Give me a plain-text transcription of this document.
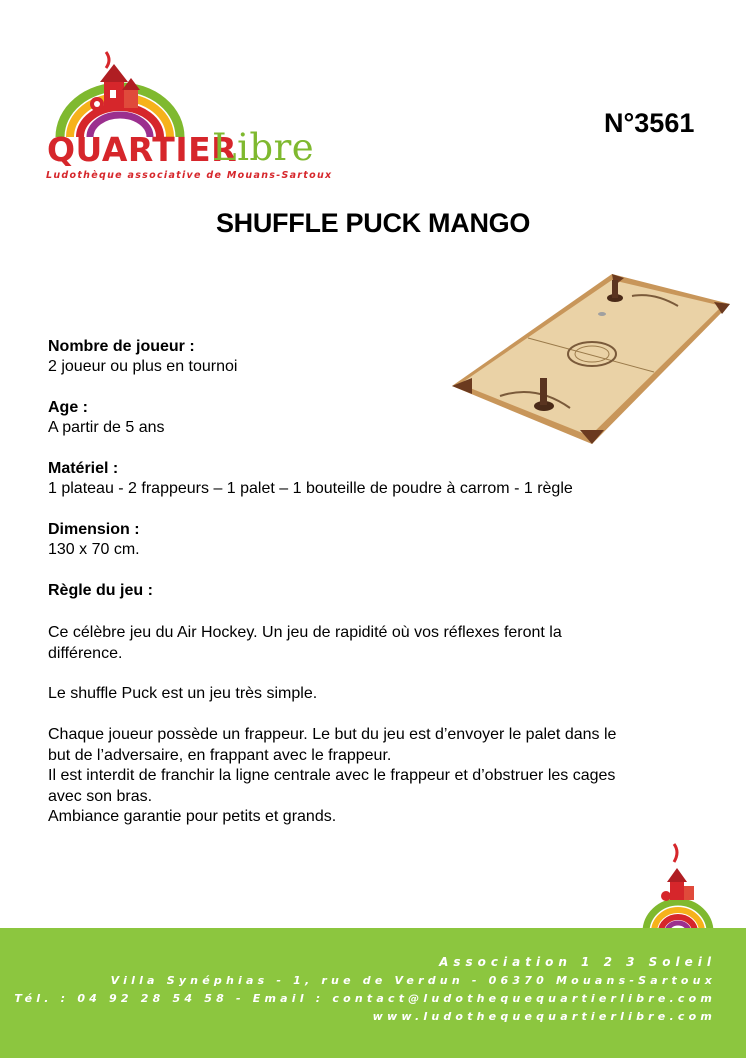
QUARTIER
Libre
Ludothèque associative de Mouans-Sartoux
N°3561
SHUFFLE PUCK MANGO
Nombre de joueur :
2 joueur ou plus en tournoi
Age :
A partir de 5 ans
Matériel :
1 plateau - 2 frappeurs – 1 palet – 1 bouteille de poudre à carrom - 1 règle
Dimension :
130 x 70 cm.
Règle du jeu :
Ce célèbre jeu du Air Hockey. Un jeu de rapidité où vos réflexes feront la
différence.
Le shuffle Puck est un jeu très simple.
Chaque joueur possède un frappeur. Le but du jeu est d’envoyer le palet dans le
but de l’adversaire, en frappant avec le frappeur.
Il est interdit de franchir la ligne centrale avec le frappeur et d’obstruer les cages
avec son bras.
Ambiance garantie pour petits et grands.
Association 1 2 3 Soleil
Villa Synéphias - 1, rue de Verdun - 06370 Mouans-Sartoux
Tél. : 04 92 28 54 58 - Email : contact@ludothequequartierlibre.com
www.ludothequequartierlibre.com
